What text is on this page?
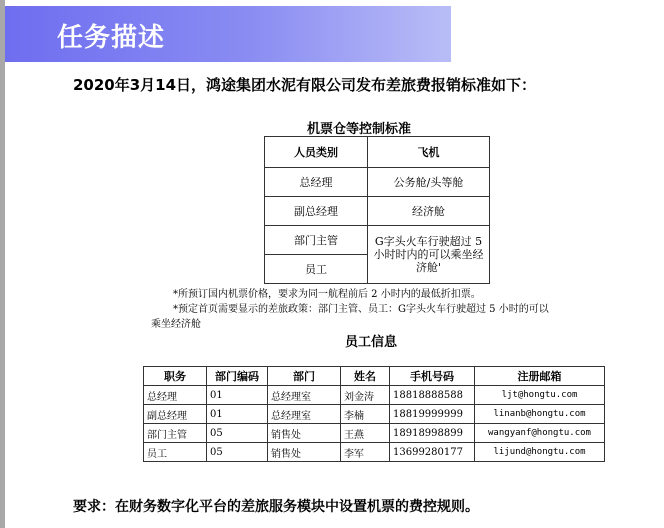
任务描述
2020年3月14日，鸿途集团水泥有限公司发布差旅费报销标准如下：
机票仓等控制标准
人员类别	飞机
总经理	公务舱/头等舱
副总经理	经济舱
部门主管	G字头火车行驶超过 5 小时时内的可以乘坐经济舱'
员工	
*所预订国内机票价格，要求为同一航程前后 2 小时内的最低折扣票。
*预定首页需要显示的差旅政策：部门主管、员工：G字头火车行驶超过 5 小时的可以
乘坐经济舱
员工信息
职务	部门编码	部门	姓名	手机号码	注册邮箱
总经理	01	总经理室	刘金涛	18818888588	ljt@hongtu.com
副总经理	01	总经理室	李楠	18819999999	linanb@hongtu.com
部门主管	05	销售处	王燕	18918998899	wangyanf@hongtu.com
员工	05	销售处	李军	13699280177	lijund@hongtu.com
要求：在财务数字化平台的差旅服务模块中设置机票的费控规则。
